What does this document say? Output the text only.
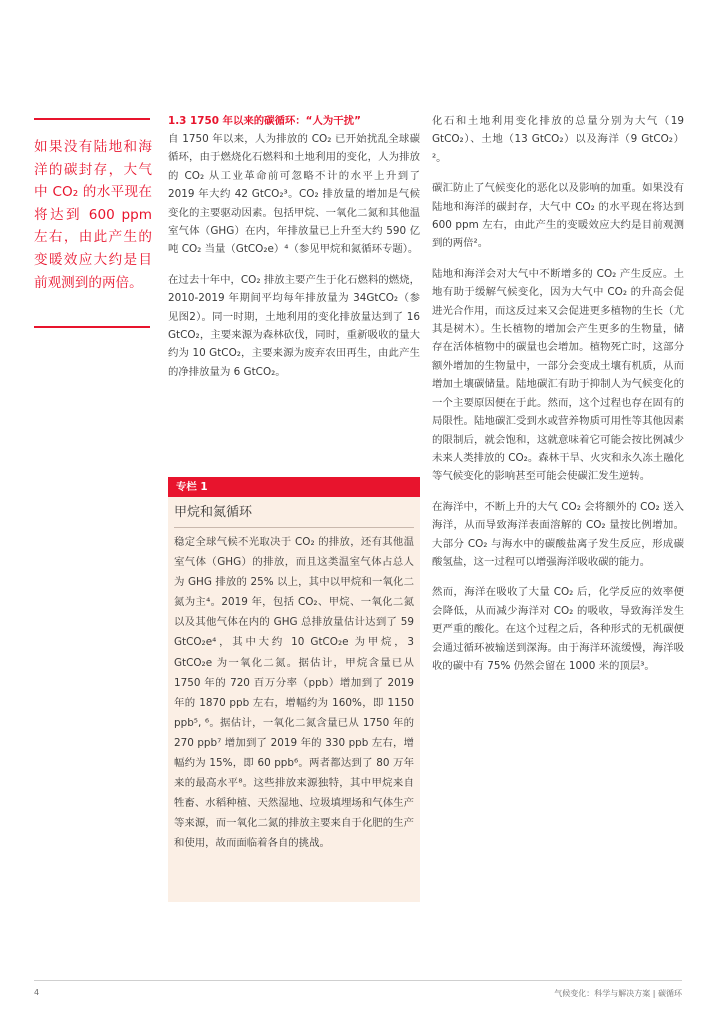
如果没有陆地和海洋的碳封存，大气中 CO₂ 的水平现在将达到 600 ppm 左右，由此产生的变暖效应大约是目前观测到的两倍。
1.3 1750 年以来的碳循环：“人为干扰”

自 1750 年以来，人为排放的 CO₂ 已开始扰乱全球碳循环，由于燃烧化石燃料和土地利用的变化，人为排放的 CO₂ 从工业革命前可忽略不计的水平上升到了 2019 年大约 42 GtCO₂³。CO₂ 排放量的增加是气候变化的主要驱动因素。包括甲烷、一氧化二氮和其他温室气体（GHG）在内，年排放量已上升至大约 590 亿吨 CO₂ 当量（GtCO₂e）⁴（参见甲烷和氮循环专题）。

在过去十年中，CO₂ 排放主要产生于化石燃料的燃烧，2010-2019 年期间平均每年排放量为 34GtCO₂（参见图2）。同一时期，土地利用的变化排放量达到了 16 GtCO₂，主要来源为森林砍伐，同时，重新吸收的量大约为 10 GtCO₂，主要来源为废弃农田再生，由此产生的净排放量为 6 GtCO₂。

专栏 1
甲烷和氮循环
稳定全球气候不光取决于 CO₂ 的排放，还有其他温室气体（GHG）的排放，而且这类温室气体占总人为 GHG 排放的 25% 以上，其中以甲烷和一氧化二氮为主⁴。2019 年，包括 CO₂、甲烷、一氧化二氮以及其他气体在内的 GHG 总排放量估计达到了 59 GtCO₂e⁴，其中大约 10 GtCO₂e 为甲烷，3 GtCO₂e 为一氧化二氮。据估计，甲烷含量已从 1750 年的 720 百万分率（ppb）增加到了 2019 年的 1870 ppb 左右，增幅约为 160%，即 1150 ppb⁵, ⁶。据估计，一氧化二氮含量已从 1750 年的 270 ppb⁷ 增加到了 2019 年的 330 ppb 左右，增幅约为 15%，即 60 ppb⁶。两者都达到了 80 万年来的最高水平⁸。这些排放来源独特，其中甲烷来自牲畜、水稻种植、天然湿地、垃圾填埋场和气体生产等来源，而一氧化二氮的排放主要来自于化肥的生产和使用，故而面临着各自的挑战。

化石和土地利用变化排放的总量分别为大气（19 GtCO₂）、土地（13 GtCO₂）以及海洋（9 GtCO₂）²。

碳汇防止了气候变化的恶化以及影响的加重。如果没有陆地和海洋的碳封存，大气中 CO₂ 的水平现在将达到 600 ppm 左右，由此产生的变暖效应大约是目前观测到的两倍²。

陆地和海洋会对大气中不断增多的 CO₂ 产生反应。土地有助于缓解气候变化，因为大气中 CO₂ 的升高会促进光合作用，而这反过来又会促进更多植物的生长（尤其是树木）。生长植物的增加会产生更多的生物量，储存在活体植物中的碳量也会增加。植物死亡时，这部分额外增加的生物量中，一部分会变成土壤有机质，从而增加土壤碳储量。陆地碳汇有助于抑制人为气候变化的一个主要原因便在于此。然而，这个过程也存在固有的局限性。陆地碳汇受到水或营养物质可用性等其他因素的限制后，就会饱和，这就意味着它可能会按比例减少未来人类排放的 CO₂。森林干旱、火灾和永久冻土融化等气候变化的影响甚至可能会使碳汇发生逆转。

在海洋中，不断上升的大气 CO₂ 会将额外的 CO₂ 送入海洋，从而导致海洋表面溶解的 CO₂ 量按比例增加。大部分 CO₂ 与海水中的碳酸盐离子发生反应，形成碳酸氢盐，这一过程可以增强海洋吸收碳的能力。

然而，海洋在吸收了大量 CO₂ 后，化学反应的效率便会降低，从而减少海洋对 CO₂ 的吸收，导致海洋发生更严重的酸化。在这个过程之后，各种形式的无机碳便会通过循环被输送到深海。由于海洋环流缓慢，海洋吸收的碳中有 75% 仍然会留在 1000 米的顶层³。

4	气候变化：科学与解决方案 | 碳循环
